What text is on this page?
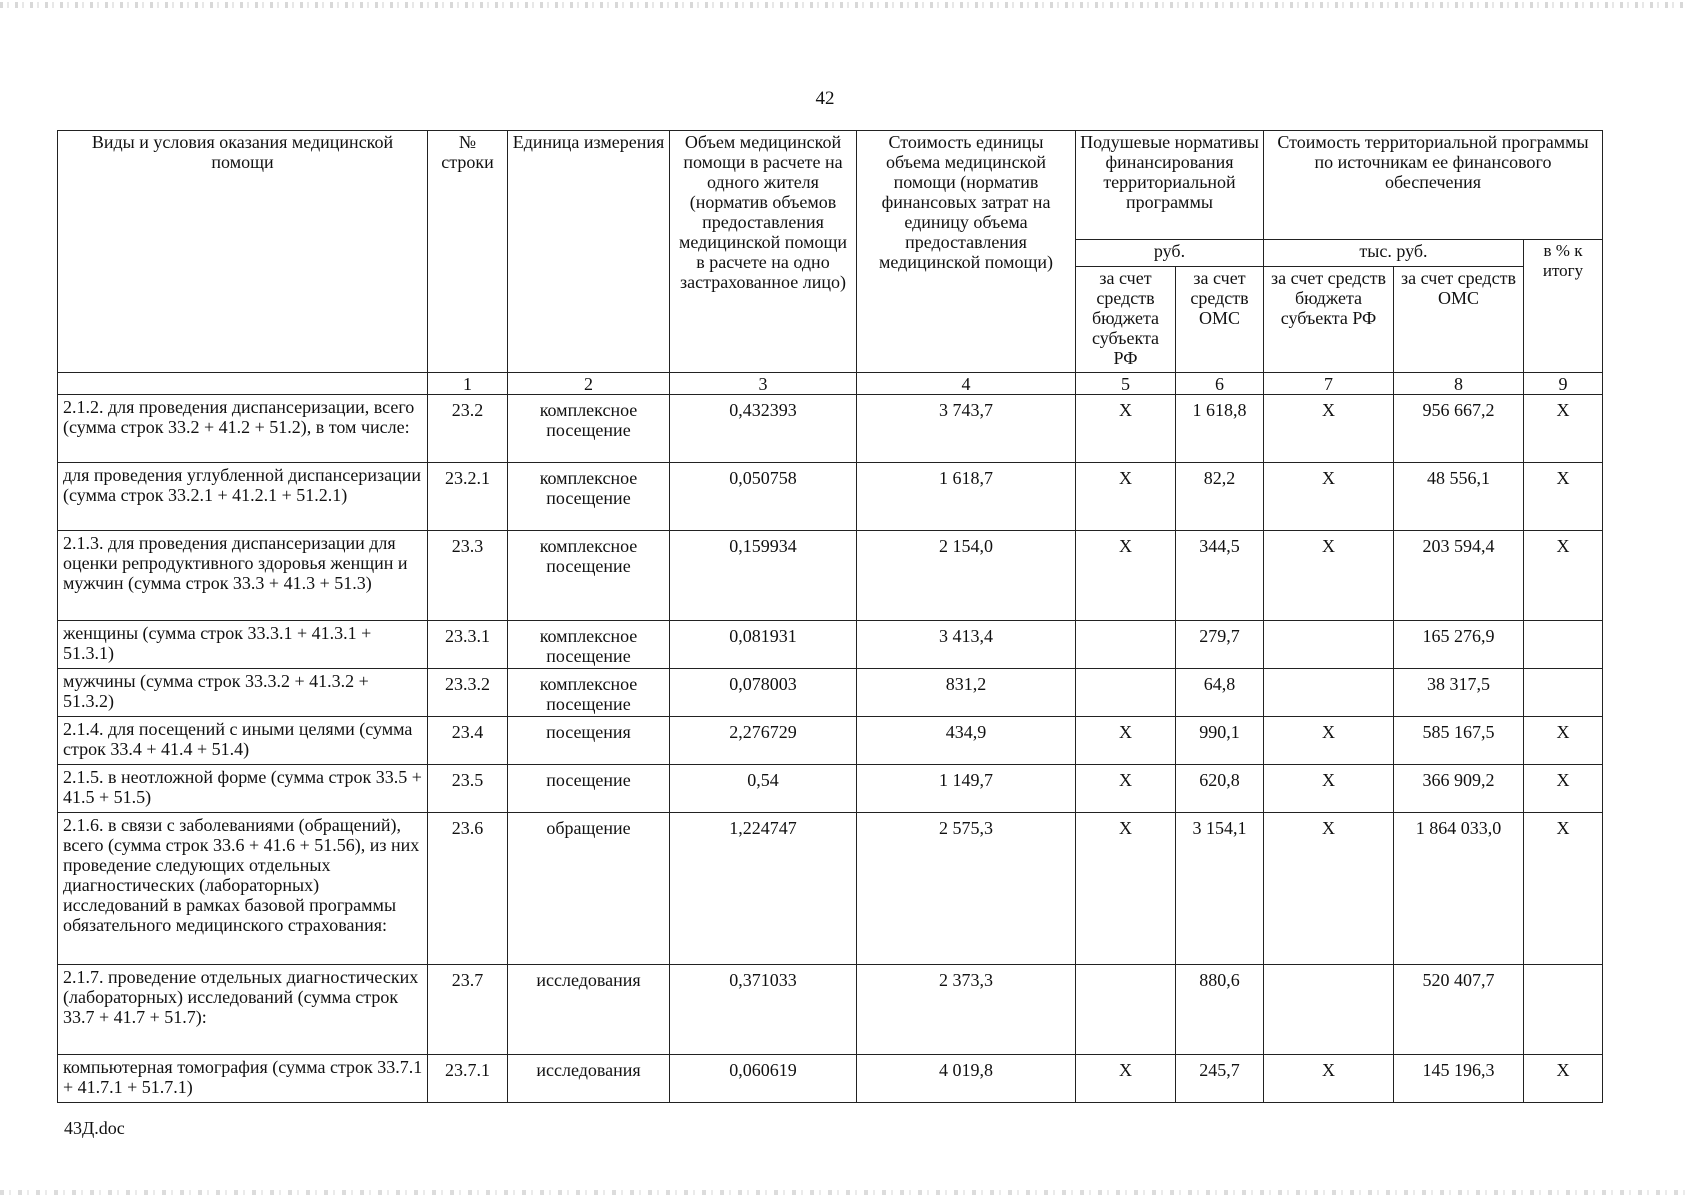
42
Виды и условия оказания медицинской помощи	№ строки	Единица измерения	Объем медицинской помощи в расчете на одного жителя (норматив объемов предоставления медицинской помощи в расчете на одно застрахованное лицо)	Стоимость единицы объема медицинской помощи (норматив финансовых затрат на единицу объема предоставления медицинской помощи)	Подушевые нормативы финансирования территориальной программы		Стоимость территориальной программы по источникам ее финансового обеспечения		
					руб.		тыс. руб.		в % к итогу
					за счет средств бюджета субъекта РФ	за счет средств ОМС	за счет средств бюджета субъекта РФ	за счет средств ОМС	
	1	2	3	4	5	6	7	8	9
2.1.2. для проведения диспансеризации, всего (сумма строк 33.2 + 41.2 + 51.2), в том числе:	23.2	комплексное посещение	0,432393	3 743,7	Х	1 618,8	Х	956 667,2	Х
для проведения углубленной диспансеризации (сумма строк 33.2.1 + 41.2.1 + 51.2.1)	23.2.1	комплексное посещение	0,050758	1 618,7	Х	82,2	Х	48 556,1	Х
2.1.3. для проведения диспансеризации для оценки репродуктивного здоровья женщин и мужчин (сумма строк 33.3 + 41.3 + 51.3)	23.3	комплексное посещение	0,159934	2 154,0	Х	344,5	Х	203 594,4	Х
женщины (сумма строк 33.3.1 + 41.3.1 + 51.3.1)	23.3.1	комплексное посещение	0,081931	3 413,4		279,7		165 276,9	
мужчины (сумма строк 33.3.2 + 41.3.2 + 51.3.2)	23.3.2	комплексное посещение	0,078003	831,2		64,8		38 317,5	
2.1.4. для посещений с иными целями (сумма строк 33.4 + 41.4 + 51.4)	23.4	посещения	2,276729	434,9	Х	990,1	Х	585 167,5	Х
2.1.5. в неотложной форме (сумма строк 33.5 + 41.5 + 51.5)	23.5	посещение	0,54	1 149,7	Х	620,8	Х	366 909,2	Х
2.1.6. в связи с заболеваниями (обращений), всего (сумма строк 33.6 + 41.6 + 51.56), из них проведение следующих отдельных диагностических (лабораторных) исследований в рамках базовой программы обязательного медицинского страхования:	23.6	обращение	1,224747	2 575,3	Х	3 154,1	Х	1 864 033,0	Х
2.1.7. проведение отдельных диагностических (лабораторных) исследований (сумма строк 33.7 + 41.7 + 51.7):	23.7	исследования	0,371033	2 373,3		880,6		520 407,7	
компьютерная томография (сумма строк 33.7.1 + 41.7.1 + 51.7.1)	23.7.1	исследования	0,060619	4 019,8	Х	245,7	Х	145 196,3	Х
43Д.doc
